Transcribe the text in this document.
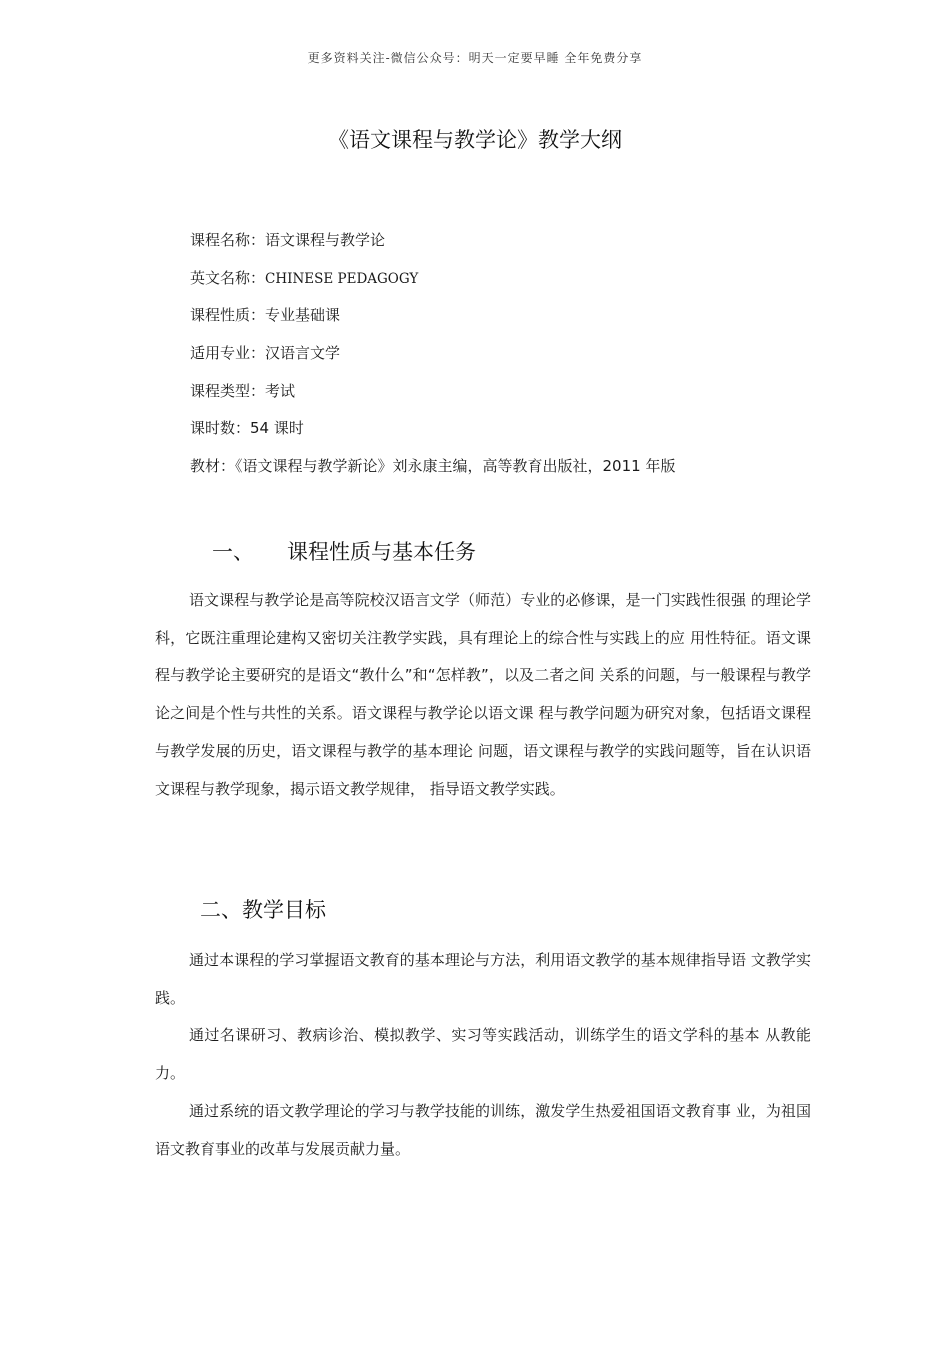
更多资料关注-微信公众号：明天一定要早睡 全年免费分享
《语文课程与教学论》教学大纲
课程名称：语文课程与教学论
英文名称：CHINESE PEDAGOGY
课程性质：专业基础课
适用专业：汉语言文学
课程类型：考试
课时数：54 课时
教材：《语文课程与教学新论》刘永康主编，高等教育出版社，2011 年版
一、 课程性质与基本任务

语文课程与教学论是高等院校汉语言文学（师范）专业的必修课，是一门实践性很强 的理论学科，它既注重理论建构又密切关注教学实践，具有理论上的综合性与实践上的应 用性特征。语文课程与教学论主要研究的是语文“教什么”和“怎样教”，以及二者之间 关系的问题，与一般课程与教学论之间是个性与共性的关系。语文课程与教学论以语文课 程与教学问题为研究对象，包括语文课程与教学发展的历史，语文课程与教学的基本理论 问题，语文课程与教学的实践问题等，旨在认识语文课程与教学现象，揭示语文教学规律， 指导语文教学实践。

二、教学目标

通过本课程的学习掌握语文教育的基本理论与方法，利用语文教学的基本规律指导语 文教学实践。

通过名课研习、教病诊治、模拟教学、实习等实践活动，训练学生的语文学科的基本 从教能力。

通过系统的语文教学理论的学习与教学技能的训练，激发学生热爱祖国语文教育事 业，为祖国语文教育事业的改革与发展贡献力量。
